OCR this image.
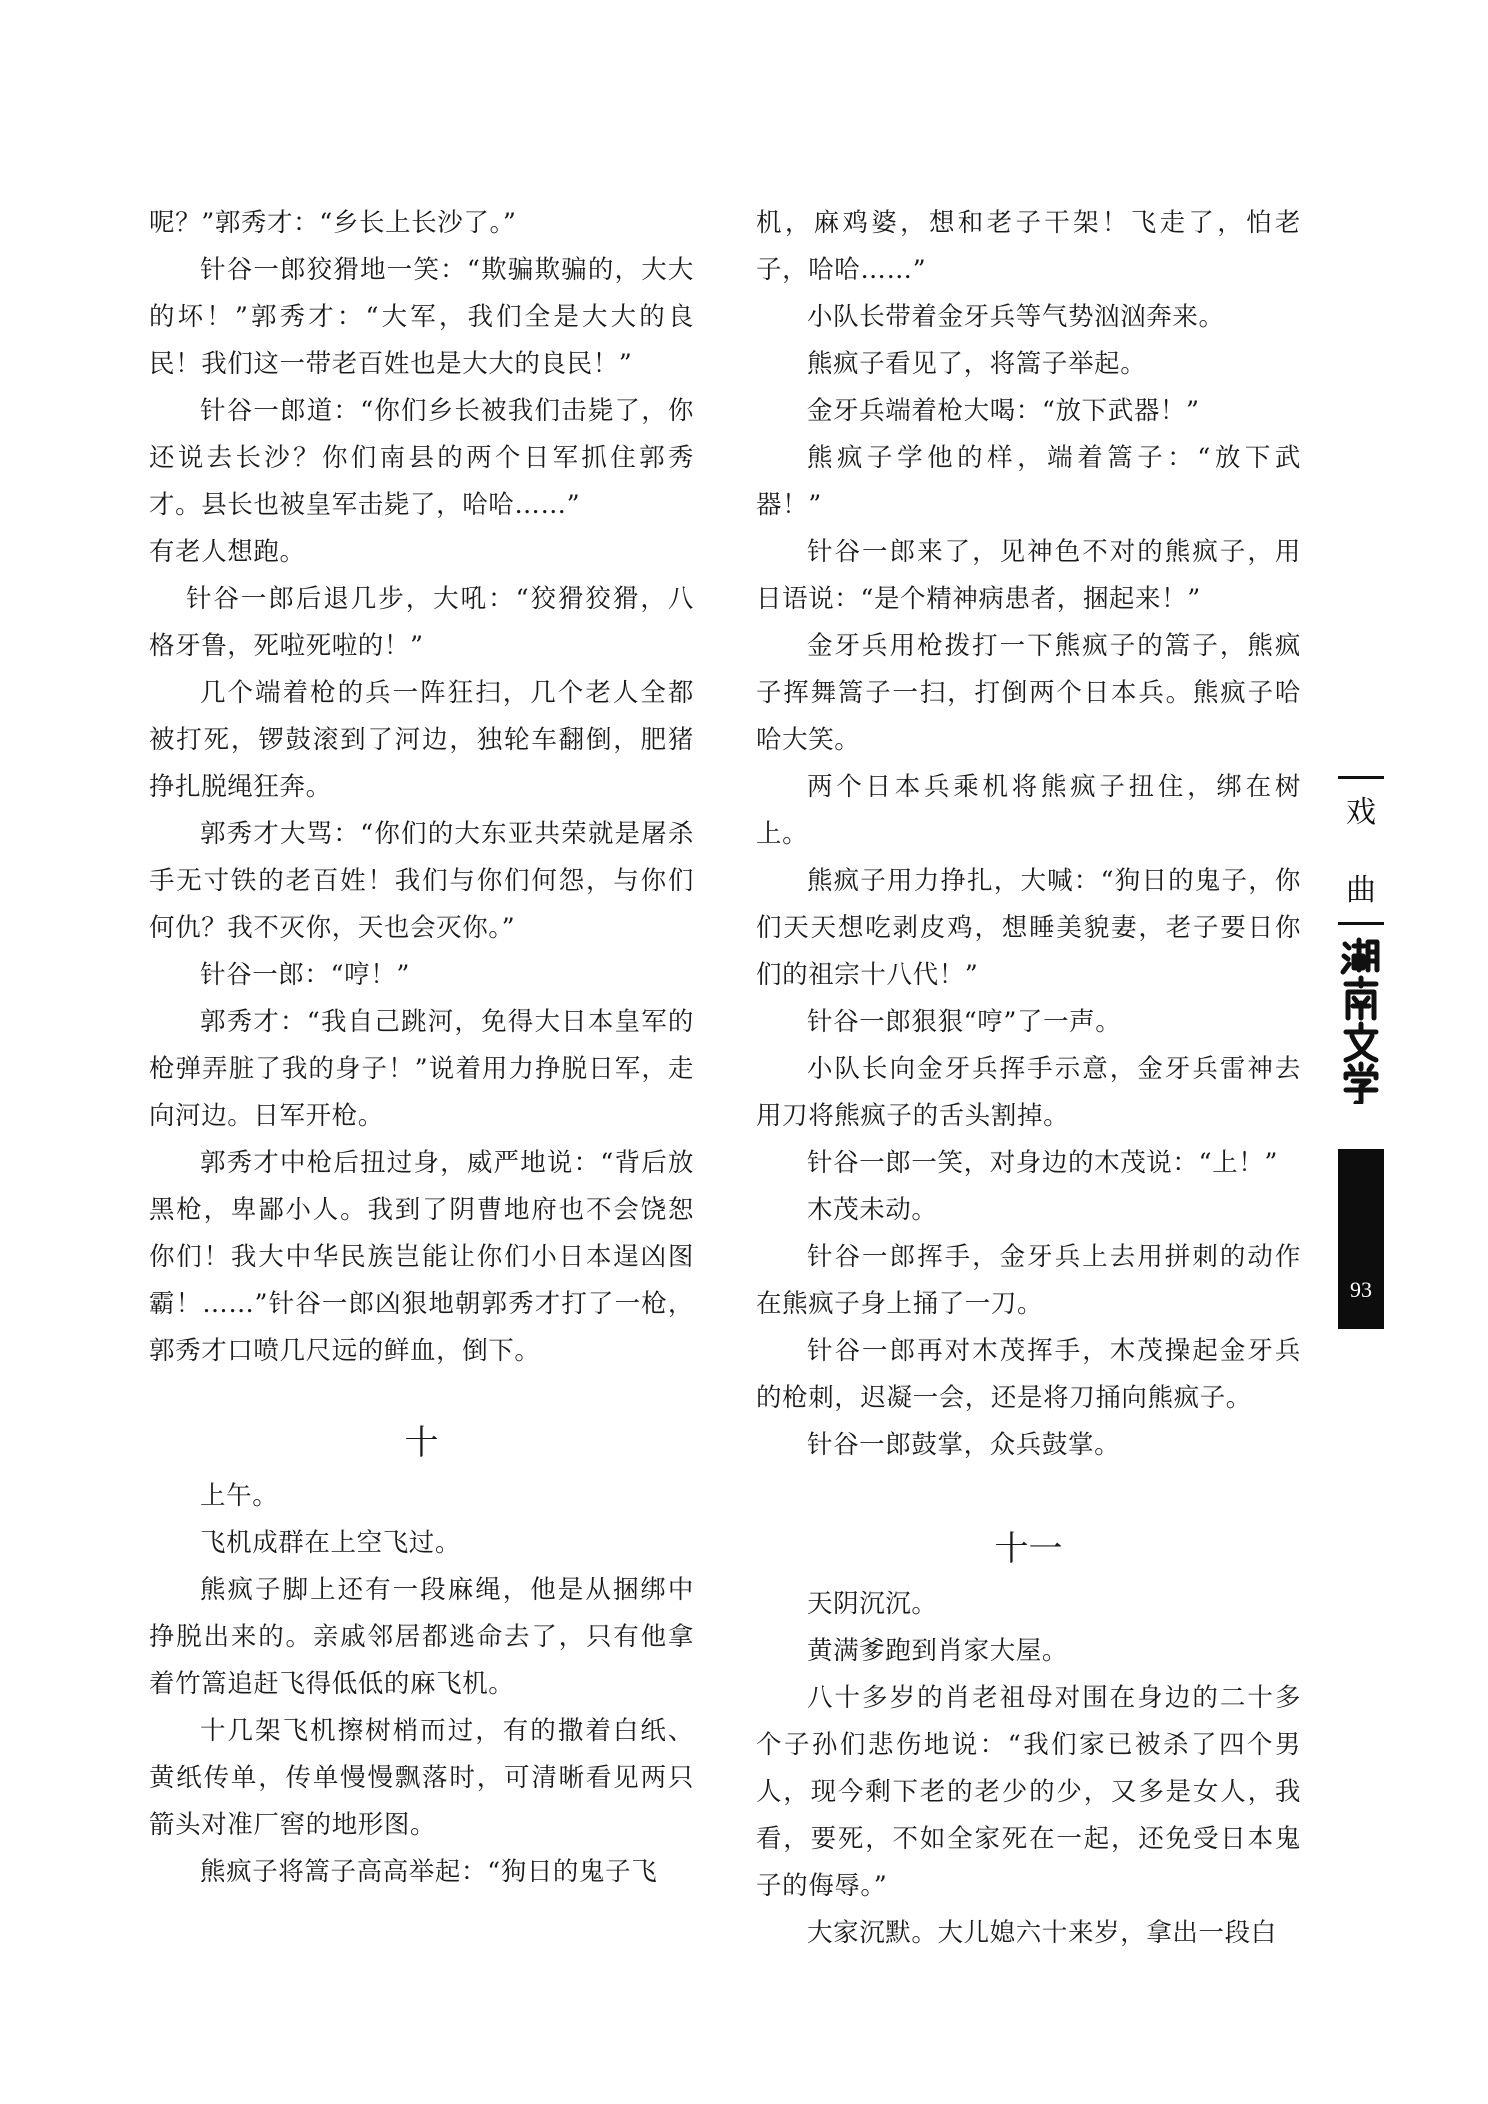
呢？”郭秀才：“乡长上长沙了。”

针谷一郎狡猾地一笑：“欺骗欺骗的，大大的坏！”郭秀才：“大军，我们全是大大的良民！我们这一带老百姓也是大大的良民！”

针谷一郎道：“你们乡长被我们击毙了，你还说去长沙？你们南县的两个日军抓住郭秀才。县长也被皇军击毙了，哈哈……”

有老人想跑。

针谷一郎后退几步，大吼：“狡猾狡猾，八格牙鲁，死啦死啦的！”

几个端着枪的兵一阵狂扫，几个老人全都被打死，锣鼓滚到了河边，独轮车翻倒，肥猪挣扎脱绳狂奔。

郭秀才大骂：“你们的大东亚共荣就是屠杀手无寸铁的老百姓！我们与你们何怨，与你们何仇？我不灭你，天也会灭你。”

针谷一郎：“哼！”

郭秀才：“我自己跳河，免得大日本皇军的枪弹弄脏了我的身子！”说着用力挣脱日军，走向河边。日军开枪。

郭秀才中枪后扭过身，威严地说：“背后放黑枪，卑鄙小人。我到了阴曹地府也不会饶恕你们！我大中华民族岂能让你们小日本逞凶图霸！……”针谷一郎凶狠地朝郭秀才打了一枪，郭秀才口喷几尺远的鲜血，倒下。

十

上午。

飞机成群在上空飞过。

熊疯子脚上还有一段麻绳，他是从捆绑中挣脱出来的。亲戚邻居都逃命去了，只有他拿着竹篙追赶飞得低低的麻飞机。

十几架飞机擦树梢而过，有的撒着白纸、黄纸传单，传单慢慢飘落时，可清晰看见两只箭头对准厂窖的地形图。

熊疯子将篙子高高举起：“狗日的鬼子飞

机，麻鸡婆，想和老子干架！飞走了，怕老子，哈哈……”

小队长带着金牙兵等气势汹汹奔来。

熊疯子看见了，将篙子举起。

金牙兵端着枪大喝：“放下武器！”

熊疯子学他的样，端着篙子：“放下武器！”

针谷一郎来了，见神色不对的熊疯子，用日语说：“是个精神病患者，捆起来！”

金牙兵用枪拨打一下熊疯子的篙子，熊疯子挥舞篙子一扫，打倒两个日本兵。熊疯子哈哈大笑。

两个日本兵乘机将熊疯子扭住，绑在树上。

熊疯子用力挣扎，大喊：“狗日的鬼子，你们天天想吃剥皮鸡，想睡美貌妻，老子要日你们的祖宗十八代！”

针谷一郎狠狠“哼”了一声。

小队长向金牙兵挥手示意，金牙兵雷神去用刀将熊疯子的舌头割掉。

针谷一郎一笑，对身边的木茂说：“上！”

木茂未动。

针谷一郎挥手，金牙兵上去用拼刺的动作在熊疯子身上捅了一刀。

针谷一郎再对木茂挥手，木茂操起金牙兵的枪刺，迟凝一会，还是将刀捅向熊疯子。

针谷一郎鼓掌，众兵鼓掌。

十一

天阴沉沉。

黄满爹跑到肖家大屋。

八十多岁的肖老祖母对围在身边的二十多个子孙们悲伤地说：“我们家已被杀了四个男人，现今剩下老的老少的少，又多是女人，我看，要死，不如全家死在一起，还免受日本鬼子的侮辱。”

大家沉默。大儿媳六十来岁，拿出一段白

戏
曲
93
